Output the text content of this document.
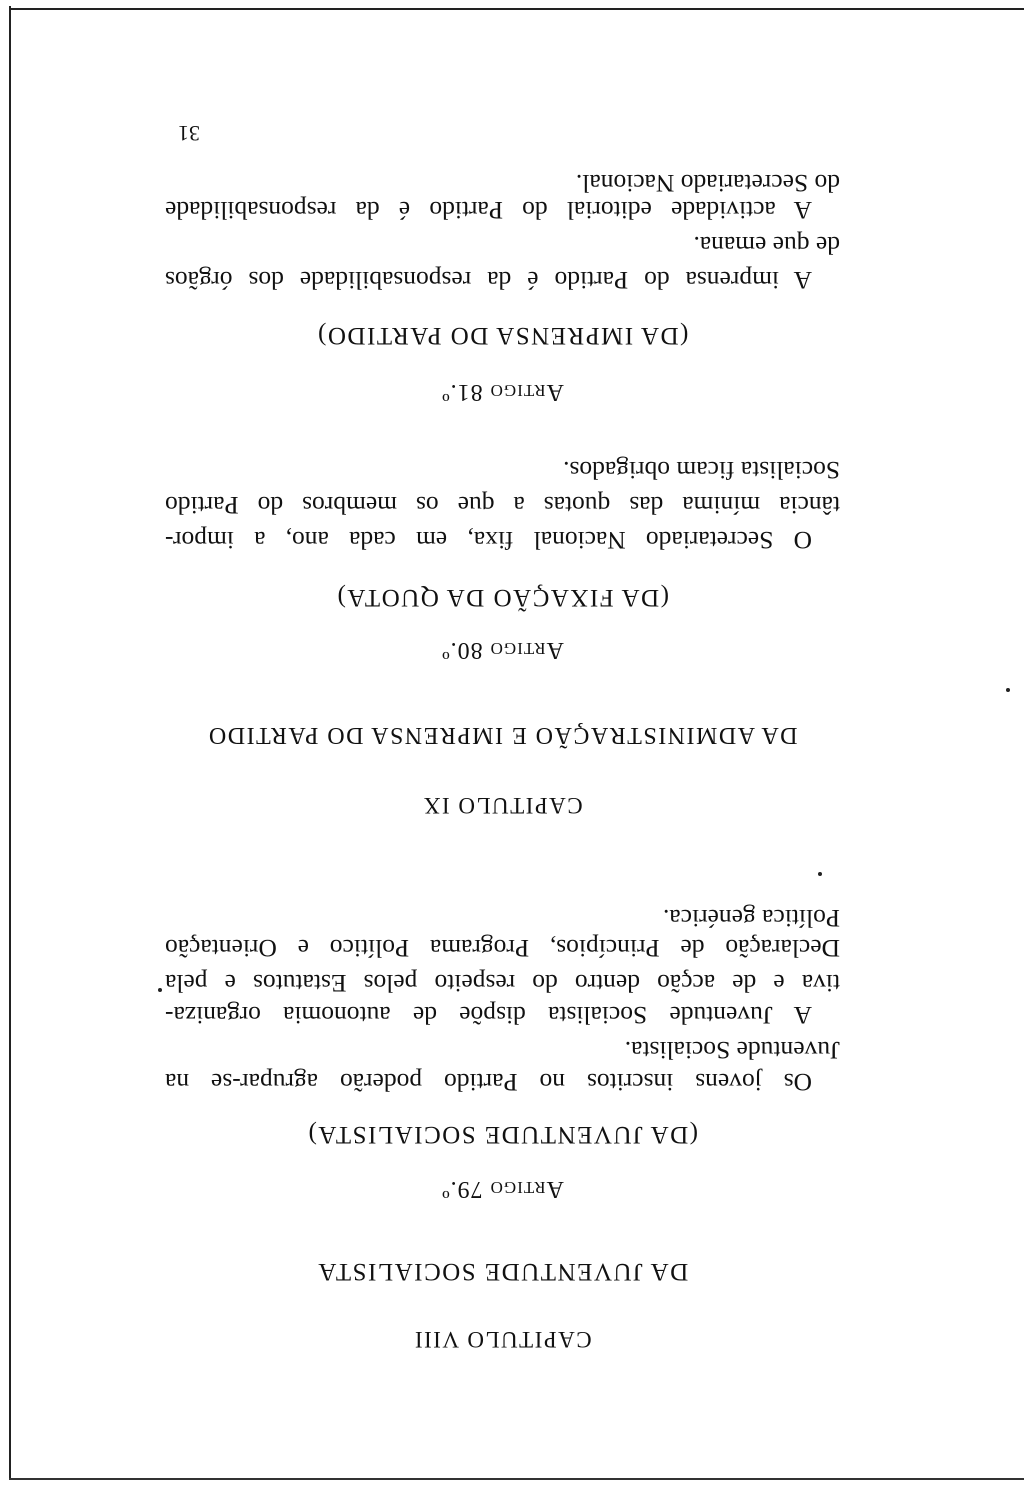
CAPITULO VIII
DA JUVENTUDE SOCIALISTA
Artigo 79.º
(DA JUVENTUDE SOCIALISTA)
Os jovens inscritos no Partido poderão agrupar-se na
Juventude Socialista.
A Juventude Socialista dispõe de autonomia organiza-
tiva e de acção dentro do respeito pelos Estatutos e pela
Declaração de Princípios, Programa Político e Orientação
Política genérica.
CAPITULO IX
DA ADMINISTRAÇÃO E IMPRENSA DO PARTIDO
Artigo 80.º
(DA FIXAÇÃO DA QUOTA)
O Secretariado Nacional fixa, em cada ano, a impor-
tância mínima das quotas a que os membros do Partido
Socialista ficam obrigados.
Artigo 81.º
(DA IMPRENSA DO PARTIDO)
A imprensa do Partido é da responsabilidade dos órgãos
de que emana.
A actividade editorial do Partido é da responsabilidade
do Secretariado Nacional.
31
